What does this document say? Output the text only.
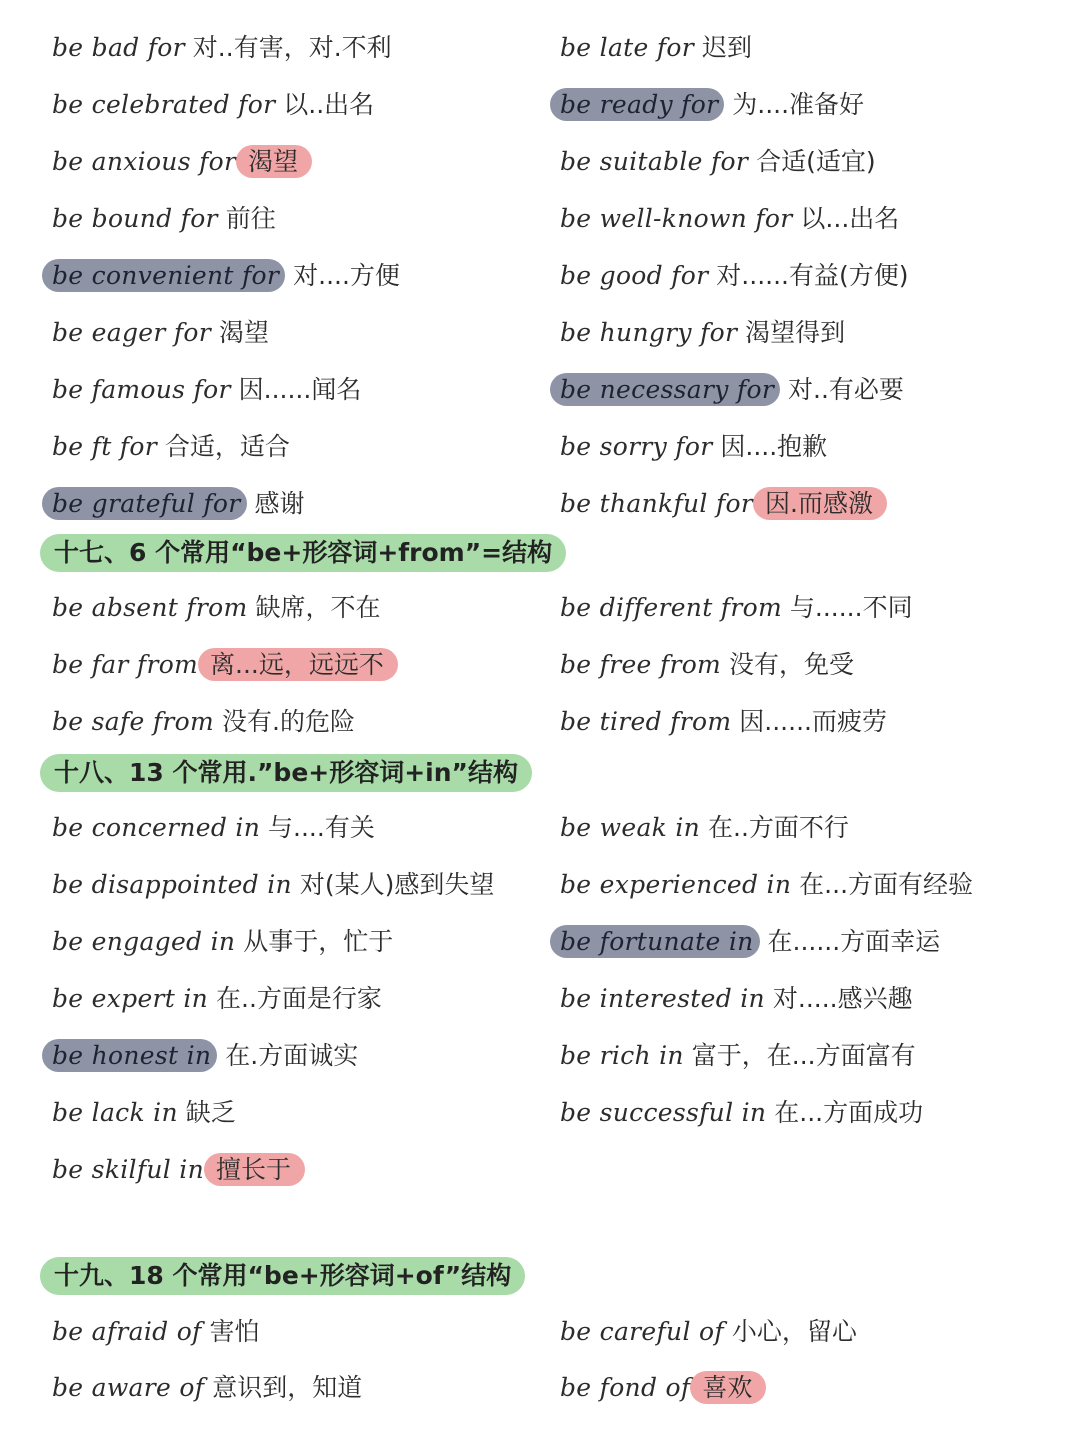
be bad for 对..有害，对.不利	be late for 迟到
be celebrated for 以..出名	be ready for 为....准备好
be anxious for 渴望	be suitable for 合适(适宜)
be bound for 前往	be well-known for 以...出名
be convenient for 对....方便	be good for 对......有益(方便)
be eager for 渴望	be hungry for 渴望得到
be famous for 因......闻名	be necessary for 对..有必要
be ft for 合适，适合	be sorry for 因....抱歉
be grateful for 感谢	be thankful for 因.而感激
十七、6 个常用“be+形容词+from”=结构
be absent from 缺席，不在	be different from 与......不同
be far from 离...远，远远不	be free from 没有，免受
be safe from 没有.的危险	be tired from 因......而疲劳
十八、13 个常用.”be+形容词+in”结构
be concerned in 与....有关	be weak in 在..方面不行
be disappointed in 对(某人)感到失望	be experienced in 在...方面有经验
be engaged in 从事于，忙于	be fortunate in 在......方面幸运
be expert in 在..方面是行家	be interested in 对.....感兴趣
be honest in 在.方面诚实	be rich in 富于，在...方面富有
be lack in 缺乏	be successful in 在...方面成功
be skilful in 擅长于
十九、18 个常用“be+形容词+of”结构
be afraid of 害怕	be careful of 小心，留心
be aware of 意识到，知道	be fond of 喜欢
